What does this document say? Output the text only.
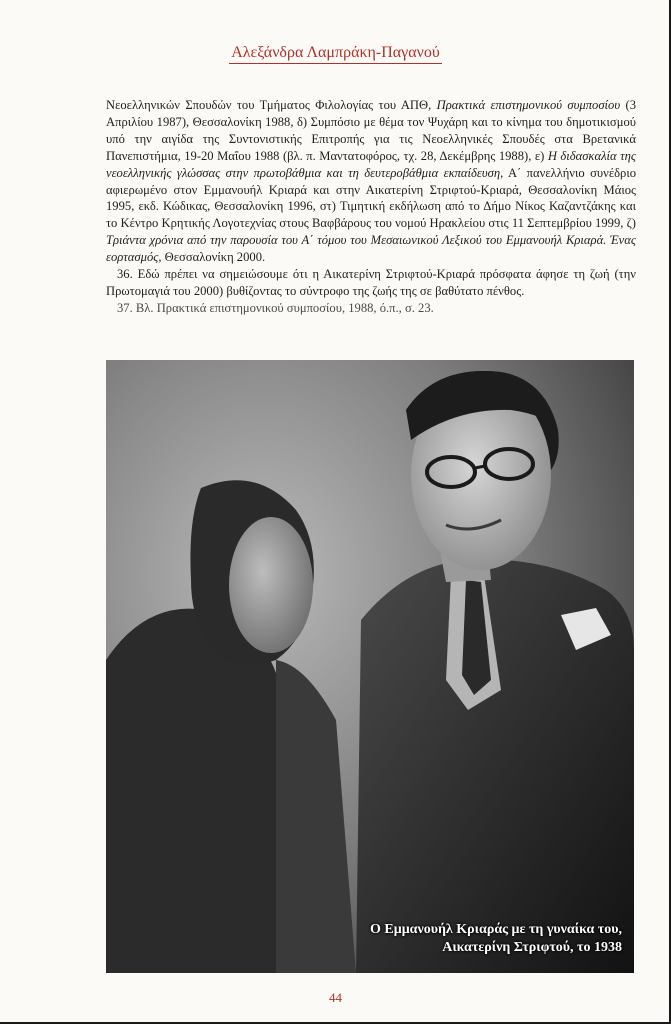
Αλεξάνδρα Λαμπράκη-Παγανού

Νεοελληνικών Σπουδών του Τμήματος Φιλολογίας του ΑΠΘ, Πρακτικά επιστημονικού συμποσίου (3 Απριλίου 1987), Θεσσαλονίκη 1988, δ) Συμπόσιο με θέμα τον Ψυχάρη και το κίνημα του δημοτικισμού υπό την αιγίδα της Συντονιστικής Επιτροπής για τις Νεοελληνικές Σπουδές στα Βρετανικά Πανεπιστήμια, 19-20 Μαΐου 1988 (βλ. π. Μαντατοφόρος, τχ. 28, Δεκέμβρης 1988), ε) Η διδασκαλία της νεοελληνικής γλώσσας στην πρωτοβάθμια και τη δευτεροβάθμια εκπαίδευση, Α΄ πανελλήνιο συνέδριο αφιερωμένο στον Εμμανουήλ Κριαρά και στην Αικατερίνη Στριφτού-Κριαρά, Θεσσαλονίκη Μάιος 1995, εκδ. Κώδικας, Θεσσαλονίκη 1996, στ) Τιμητική εκδήλωση από το Δήμο Νίκος Καζαντζάκης και το Κέντρο Κρητικής Λογοτεχνίας στους Βαφβάρους του νομού Ηρακλείου στις 11 Σεπτεμβρίου 1999, ζ) Τριάντα χρόνια από την παρουσία του Α΄ τόμου του Μεσαιωνικού Λεξικού του Εμμανουήλ Κριαρά. Ένας εορτασμός, Θεσσαλονίκη 2000.

36. Εδώ πρέπει να σημειώσουμε ότι η Αικατερίνη Στριφτού-Κριαρά πρόσφατα άφησε τη ζωή (την Πρωτομαγιά του 2000) βυθίζοντας το σύντροφο της ζωής της σε βαθύτατο πένθος.

37. Βλ. Πρακτικά επιστημονικού συμποσίου, 1988, ό.π., σ. 23.

Ο Εμμανουήλ Κριαράς με τη γυναίκα του,
Αικατερίνη Στριφτού, το 1938
44
